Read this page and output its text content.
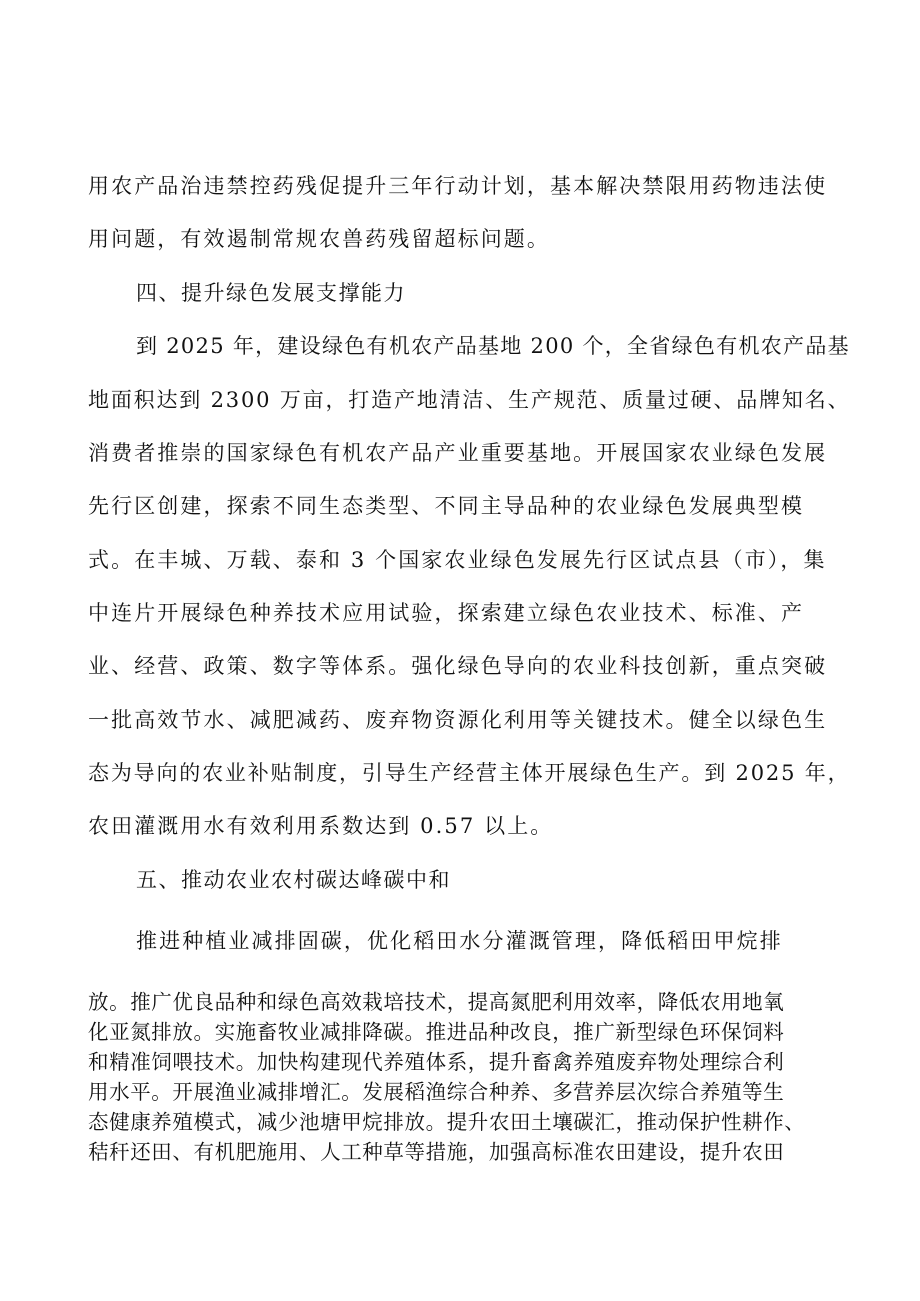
用农产品治违禁控药残促提升三年行动计划，基本解决禁限用药物违法使
用问题，有效遏制常规农兽药残留超标问题。
四、提升绿色发展支撑能力
到 2025 年，建设绿色有机农产品基地 200 个，全省绿色有机农产品基
地面积达到 2300 万亩，打造产地清洁、生产规范、质量过硬、品牌知名、
消费者推崇的国家绿色有机农产品产业重要基地。开展国家农业绿色发展
先行区创建，探索不同生态类型、不同主导品种的农业绿色发展典型模
式。在丰城、万载、泰和 3 个国家农业绿色发展先行区试点县（市），集
中连片开展绿色种养技术应用试验，探索建立绿色农业技术、标准、产
业、经营、政策、数字等体系。强化绿色导向的农业科技创新，重点突破
一批高效节水、减肥减药、废弃物资源化利用等关键技术。健全以绿色生
态为导向的农业补贴制度，引导生产经营主体开展绿色生产。到 2025 年，
农田灌溉用水有效利用系数达到 0.57 以上。
五、推动农业农村碳达峰碳中和
推进种植业减排固碳，优化稻田水分灌溉管理，降低稻田甲烷排
放。推广优良品种和绿色高效栽培技术，提高氮肥利用效率，降低农用地氧
化亚氮排放。实施畜牧业减排降碳。推进品种改良，推广新型绿色环保饲料
和精准饲喂技术。加快构建现代养殖体系，提升畜禽养殖废弃物处理综合利
用水平。开展渔业减排增汇。发展稻渔综合种养、多营养层次综合养殖等生
态健康养殖模式，减少池塘甲烷排放。提升农田土壤碳汇，推动保护性耕作、
秸秆还田、有机肥施用、人工种草等措施，加强高标准农田建设，提升农田
